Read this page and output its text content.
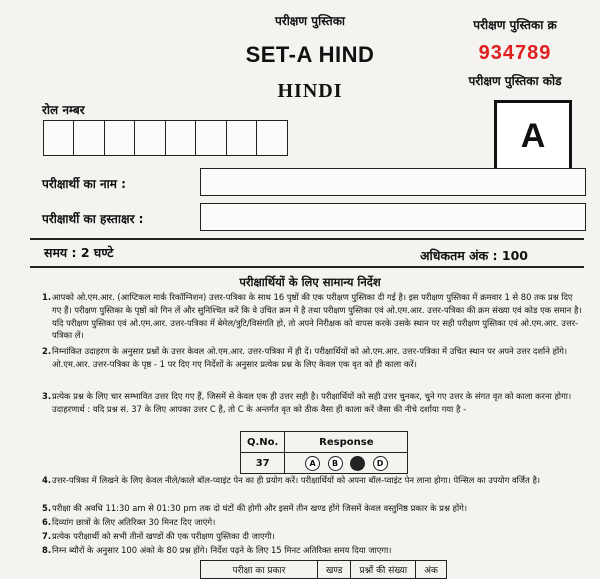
परीक्षण पुस्तिका
SET-A HIND
HINDI
परीक्षण पुस्तिका क्र
934789
परीक्षण पुस्तिका कोड
A
रोल नम्बर
परीक्षार्थी का नाम :
परीक्षार्थी का हस्ताक्षर :
समय : 2 घण्टे	अधिकतम अंक : 100
परीक्षार्थियों के लिए सामान्य निर्देश
1. आपको ओ.एम.आर. (आप्टिकल मार्क रिकॉग्निशन) उत्तर-पत्रिका के साथ 16 पृष्ठों की एक परीक्षण पुस्तिका दी गई है। इस परीक्षण पुस्तिका में क्रमवार 1 से 80 तक प्रश्न दिए गए हैं। परीक्षण पुस्तिका के पृष्ठों को गिन लें और सुनिश्चित करें कि वे उचित क्रम में है तथा परीक्षण पुस्तिका एवं ओ.एम.आर. उत्तर-पत्रिका की क्रम संख्या एवं कोड एक समान है। यदि परीक्षण पुस्तिका एवं ओ.एम.आर. उत्तर-पत्रिका में बेमेल/त्रुटि/विसंगति हो, तो अपने निरीक्षक को वापस करके उसके स्थान पर सही परीक्षण पुस्तिका एवं ओ.एम.आर. उत्तर-पत्रिका लें।
2. निम्नांकित उदाहरण के अनुसार प्रश्नों के उत्तर केवल ओ.एम.आर. उत्तर-पत्रिका में ही दें। परीक्षार्थियों को ओ.एम.आर. उत्तर-पत्रिका में उचित स्थान पर अपने उत्तर दर्शाने होंगे। ओ.एम.आर. उत्तर-पत्रिका के पृष्ठ - 1 पर दिए गए निर्देशों के अनुसार प्रत्येक प्रश्न के लिए केवल एक वृत को ही काला करें।
3. प्रत्येक प्रश्न के लिए चार सम्भावित उत्तर दिए गए हैं, जिसमें से केवल एक ही उत्तर सही है। परीक्षार्थियों को सही उत्तर चुनकर, चुने गए उत्तर के संगत वृत को काला करना होगा। उदाहरणार्थ : यदि प्रश्न सं. 37 के लिए आपका उत्तर C है, तो C के अन्तर्गत वृत को ठीक वैसा ही काला करें जैसा की नीचे दर्शाया गया है -
Q.No.	Response
37	A B C D
4. उत्तर-पत्रिका में लिखने के लिए केवल नीले/काले बॉल-प्वाइंट पेन का ही प्रयोग करें। परीक्षार्थियों को अपना बॉल-प्वाइंट पेन लाना होगा। पेन्सिल का उपयोग वर्जित है।
5. परीक्षा की अवधि 11:30 am से 01:30 pm तक दो घंटों की होगी और इसमें तीन खण्ड होंगे जिसमें केवल वस्तुनिष्ठ प्रकार के प्रश्न होंगे।
6. दिव्यांग छात्रों के लिए अतिरिक्त 30 मिनट दिए जाएंगे।
7. प्रत्येक परीक्षार्थी को सभी तीनों खण्डों की एक परीक्षण पुस्तिका दी जाएगी।
8. निम्न ब्यौरों के अनुसार 100 अंको के 80 प्रश्न होंगे। निर्देश पढ़ने के लिए 15 मिनट अतिरिक्त समय दिया जाएगा।
परीक्षा का प्रकार	खण्ड	प्रश्नों की संख्या	अंक
